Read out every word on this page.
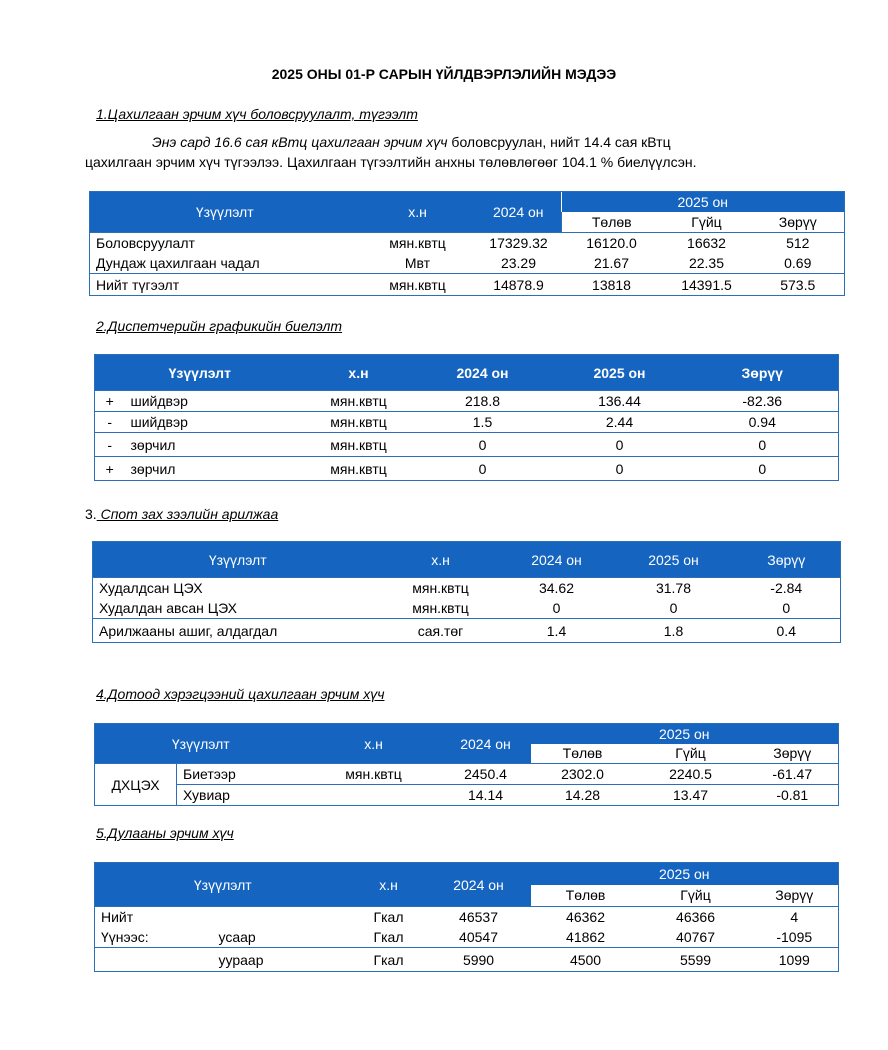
2025 ОНЫ 01-Р САРЫН ҮЙЛДВЭРЛЭЛИЙН МЭДЭЭ
1.Цахилгаан эрчим хүч боловсруулалт, түгээлт
Энэ сард 16.6 сая кВтц цахилгаан эрчим хүч боловсруулан, нийт 14.4 сая кВтц
цахилгаан эрчим хүч түгээлээ. Цахилгаан түгээлтийн анхны төлөвлөгөөг 104.1 % биелүүлсэн.
Үзүүлэлт	х.н	2024 он	2025 он		
			Төлөв	Гүйц	Зөрүү
Боловсруулалт	мян.квтц	17329.32	16120.0	16632	512
Дундаж цахилгаан чадал	Мвт	23.29	21.67	22.35	0.69
Нийт түгээлт	мян.квтц	14878.9	13818	14391.5	573.5
2.Диспетчерийн графикийн биелэлт
Үзүүлэлт		х.н	2024 он	2025 он	Зөрүү
+	шийдвэр	мян.квтц	218.8	136.44	-82.36
-	шийдвэр	мян.квтц	1.5	2.44	0.94
-	зөрчил	мян.квтц	0	0	0
+	зөрчил	мян.квтц	0	0	0
3. Спот зах зээлийн арилжаа
Үзүүлэлт	х.н	2024 он	2025 он	Зөрүү
Худалдсан ЦЭХ	мян.квтц	34.62	31.78	-2.84
Худалдан авсан ЦЭХ	мян.квтц	0	0	0
Арилжааны ашиг, алдагдал	сая.төг	1.4	1.8	0.4
4.Дотоод хэрэгцээний цахилгаан эрчим хүч
Үзүүлэлт		х.н	2024 он	2025 он		
				Төлөв	Гүйц	Зөрүү
ДХЦЭХ	Биетээр	мян.квтц	2450.4	2302.0	2240.5	-61.47
	Хувиар		14.14	14.28	13.47	-0.81
5.Дулааны эрчим хүч
Үзүүлэлт		х.н	2024 он	2025 он		
				Төлөв	Гүйц	Зөрүү
Нийт		Гкал	46537	46362	46366	4
Үүнээс:	усаар	Гкал	40547	41862	40767	-1095
	уураар	Гкал	5990	4500	5599	1099
